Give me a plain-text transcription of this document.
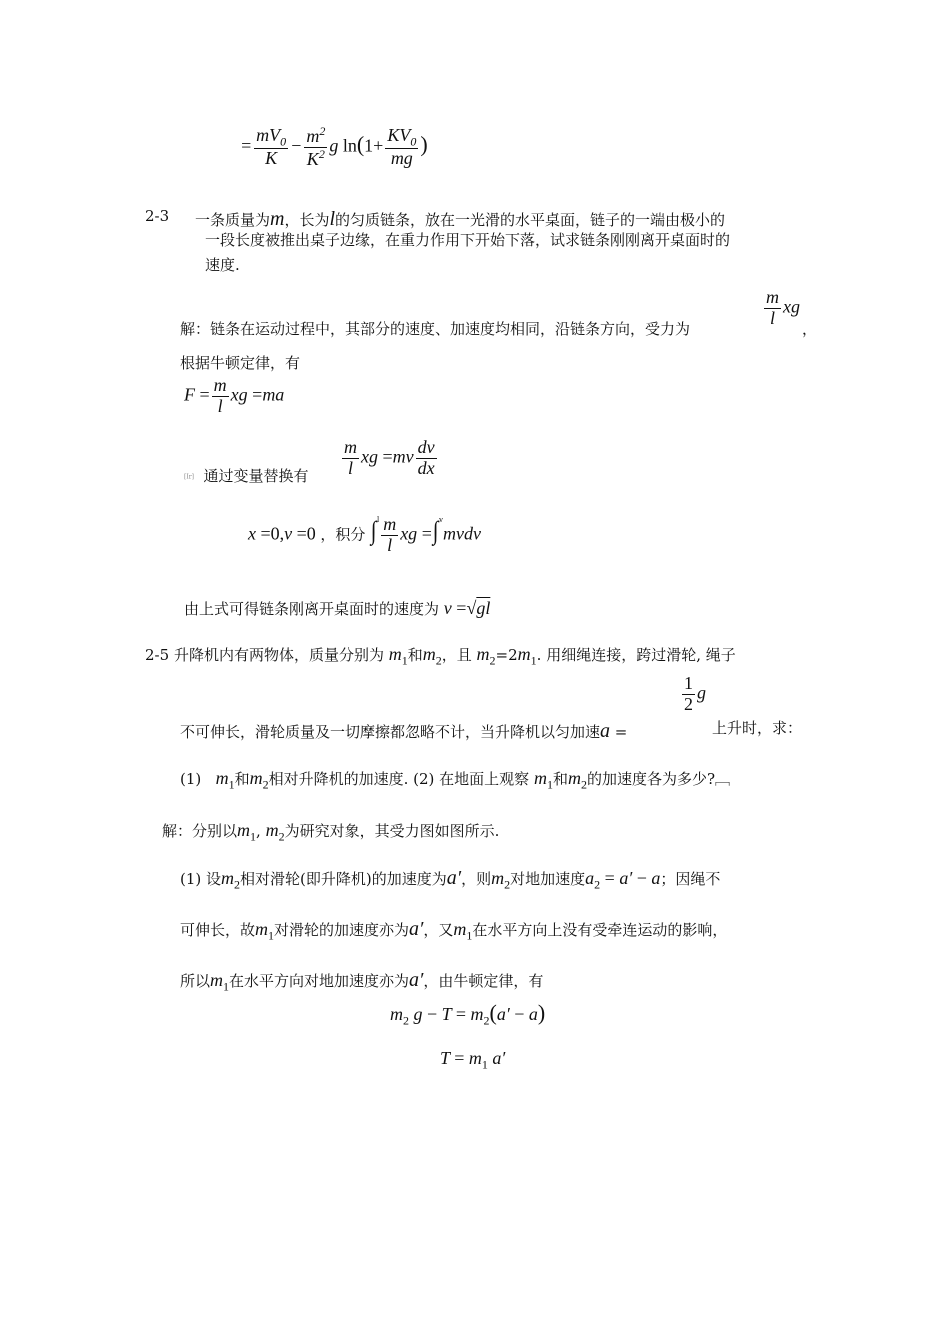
= $\frac{mV_0}{K} - \frac{m^2}{K^2}$ g $\ln(1+ \frac{KV_0}{mg}$ )
2-3 一条质量为m，长为l的匀质链条，放在一光滑的水平桌面，链子的一端由极小的
一段长度被推出桌子边缘，在重力作用下开始下落，试求链条刚刚离开桌面时的
速度.
解：链条在运动过程中，其部分的速度、加速度均相同，沿链条方向，受力为
$\frac{m}{l}$ xg
，
根据牛顿定律，有
$F = \frac{m}{l}$ xg =ma
[Ir] 通过变量替换有 $\frac{m}{l}$ xg $=mv \frac{dv}{dx}$
x =0,v =0 ，积分 $\int^l \frac{m}{l}$ xg =∫$^v$mvdv
由上式可得链条刚离开桌面时的速度为 v =√gl
2-5 升降机内有两物体，质量分别为 $m_1$和$m_2$，且 $m_2=2m_1$. 用细绳连接，跨过滑轮, 绳子
不可伸长，滑轮质量及一切摩擦都忽略不计，当升降机以匀加速a =
$\frac{1}{2}$ g
上升时，求：
(1) $m_1$和$m_2$相对升降机的加速度. (2) 在地面上观察 $m_1$和$m_2$的加速度各为多少?﹇
解：分别以$m_1$, $m_2$为研究对象，其受力图如图所示.
(1) 设$m_2$相对滑轮(即升降机)的加速度为a′，则$m_2$对地加速度$a_2 = a' - a$；因绳不
可伸长，故$m_1$对滑轮的加速度亦为a′，又$m_1$在水平方向上没有受牵连运动的影响，
所以$m_1$在水平方向对地加速度亦为a′，由牛顿定律，有
$m_2$ $g - T = m_2(a' - a)$
$T = m_1$ a′
